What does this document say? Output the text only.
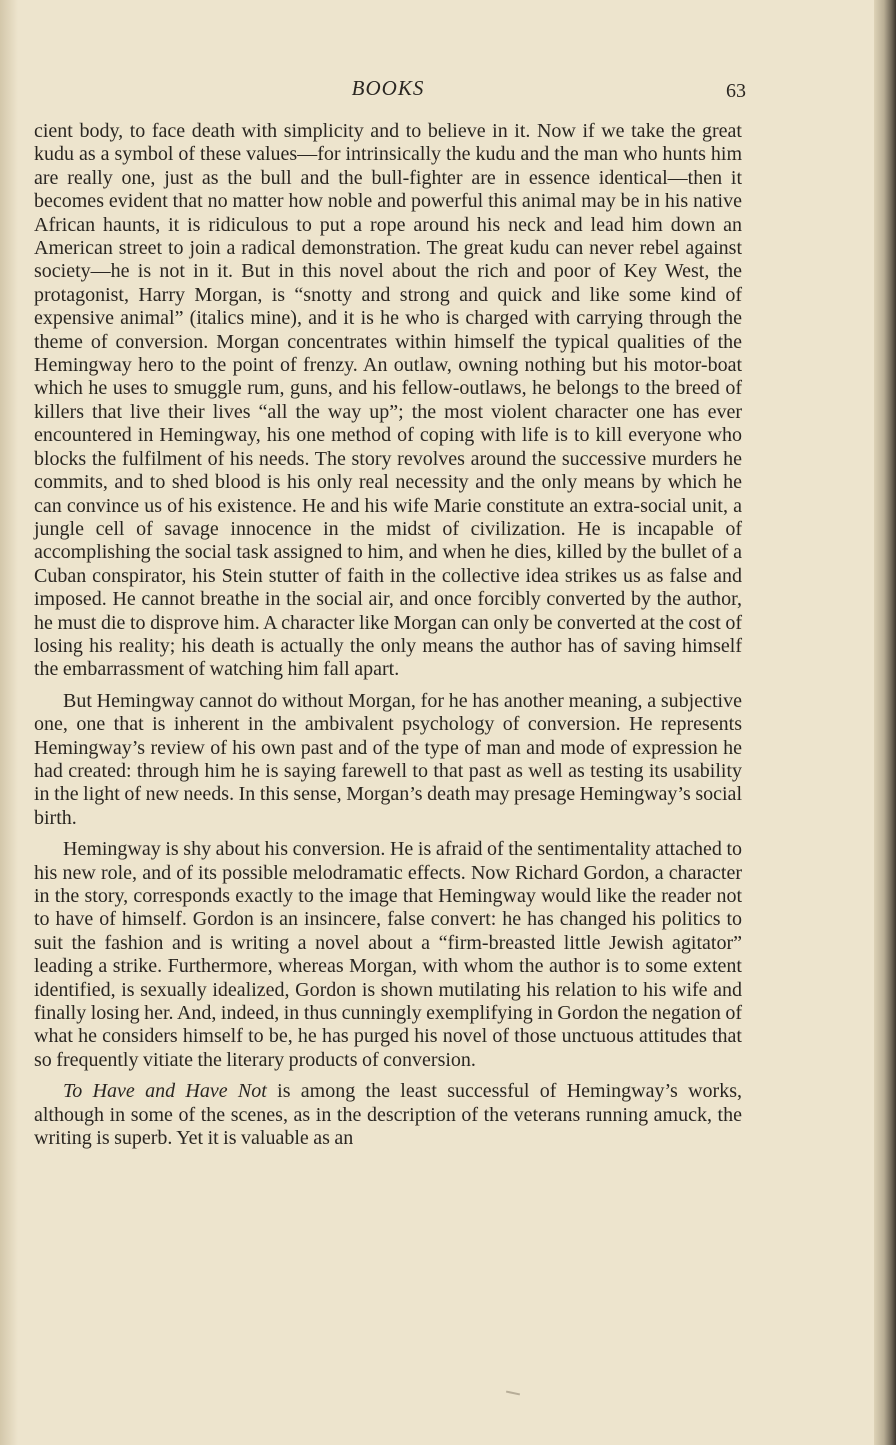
BOOKS	63

cient body, to face death with simplicity and to believe in it. Now if we take the great kudu as a symbol of these values—for intrinsically the kudu and the man who hunts him are really one, just as the bull and the bull-fighter are in essence identical—then it becomes evident that no matter how noble and powerful this animal may be in his native African haunts, it is ridiculous to put a rope around his neck and lead him down an American street to join a radical demonstration. The great kudu can never rebel against society—he is not in it. But in this novel about the rich and poor of Key West, the protagonist, Harry Morgan, is “snotty and strong and quick and like some kind of expensive animal” (italics mine), and it is he who is charged with carrying through the theme of conversion. Morgan concentrates within himself the typical qualities of the Hemingway hero to the point of frenzy. An outlaw, owning nothing but his motor-boat which he uses to smuggle rum, guns, and his fellow-outlaws, he belongs to the breed of killers that live their lives “all the way up”; the most violent character one has ever encountered in Hemingway, his one method of coping with life is to kill everyone who blocks the fulfilment of his needs. The story revolves around the successive murders he commits, and to shed blood is his only real necessity and the only means by which he can convince us of his existence. He and his wife Marie constitute an extra-social unit, a jungle cell of savage innocence in the midst of civilization. He is incapable of accomplishing the social task assigned to him, and when he dies, killed by the bullet of a Cuban conspirator, his Stein stutter of faith in the collective idea strikes us as false and imposed. He cannot breathe in the social air, and once forcibly converted by the author, he must die to disprove him. A character like Morgan can only be converted at the cost of losing his reality; his death is actually the only means the author has of saving himself the embarrassment of watching him fall apart.

But Hemingway cannot do without Morgan, for he has another meaning, a subjective one, one that is inherent in the ambivalent psychology of conversion. He represents Hemingway’s review of his own past and of the type of man and mode of expression he had created: through him he is saying farewell to that past as well as testing its usability in the light of new needs. In this sense, Morgan’s death may presage Hemingway’s social birth.

Hemingway is shy about his conversion. He is afraid of the sentimentality attached to his new role, and of its possible melodramatic effects. Now Richard Gordon, a character in the story, corresponds exactly to the image that Hemingway would like the reader not to have of himself. Gordon is an insincere, false convert: he has changed his politics to suit the fashion and is writing a novel about a “firm-breasted little Jewish agitator” leading a strike. Furthermore, whereas Morgan, with whom the author is to some extent identified, is sexually idealized, Gordon is shown mutilating his relation to his wife and finally losing her. And, indeed, in thus cunningly exemplifying in Gordon the negation of what he considers himself to be, he has purged his novel of those unctuous attitudes that so frequently vitiate the literary products of conversion.

To Have and Have Not is among the least successful of Hemingway’s works, although in some of the scenes, as in the description of the veterans running amuck, the writing is superb. Yet it is valuable as an
